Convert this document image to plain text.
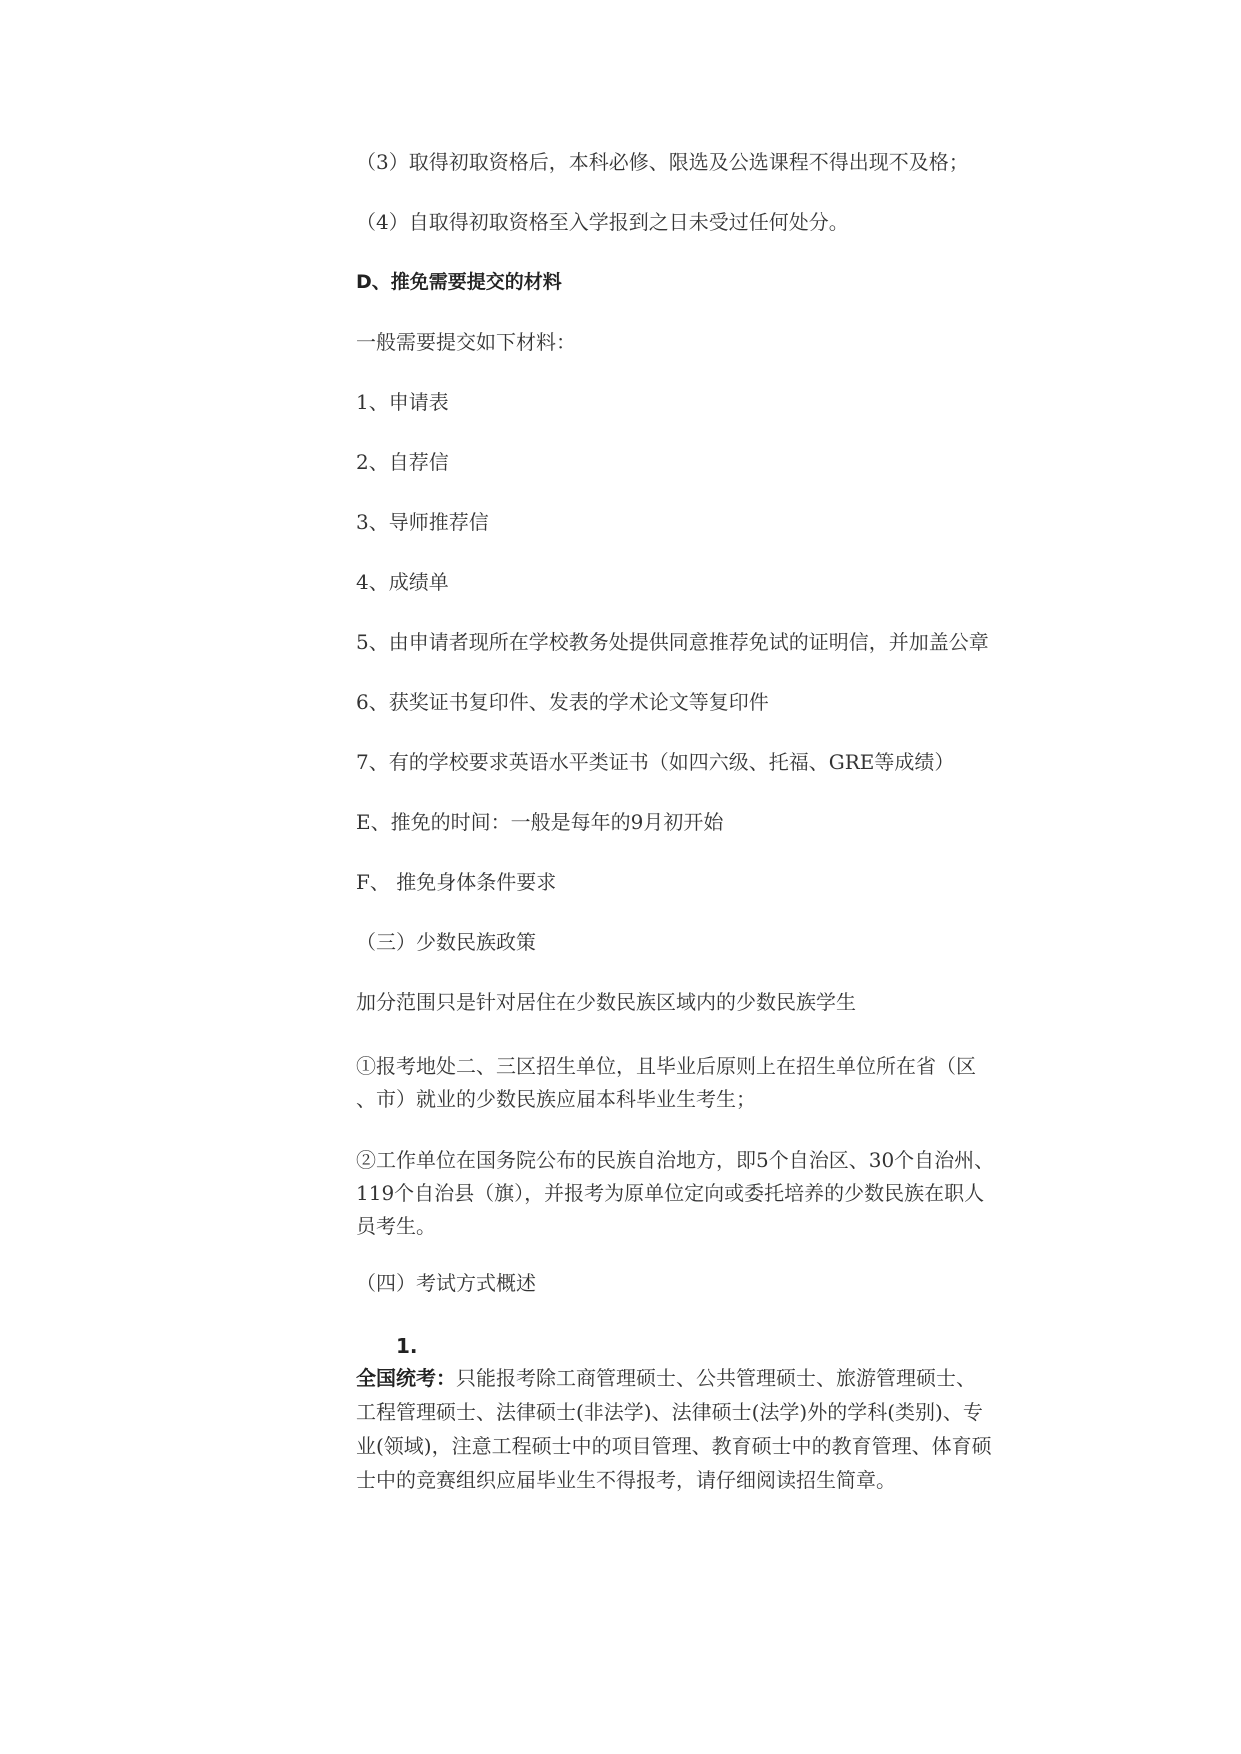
（3）取得初取资格后，本科必修、限选及公选课程不得出现不及格；

（4）自取得初取资格至入学报到之日未受过任何处分。

D、推免需要提交的材料

一般需要提交如下材料：

1、申请表

2、自荐信

3、导师推荐信

4、成绩单

5、由申请者现所在学校教务处提供同意推荐免试的证明信，并加盖公章

6、获奖证书复印件、发表的学术论文等复印件

7、有的学校要求英语水平类证书（如四六级、托福、GRE等成绩）

E、推免的时间：一般是每年的9月初开始

F、 推免身体条件要求

（三）少数民族政策

加分范围只是针对居住在少数民族区域内的少数民族学生

①报考地处二、三区招生单位，且毕业后原则上在招生单位所在省（区
、市）就业的少数民族应届本科毕业生考生；
②工作单位在国务院公布的民族自治地方，即5个自治区、30个自治州、
119个自治县（旗），并报考为原单位定向或委托培养的少数民族在职人
员考生。

（四）考试方式概述

1.
全国统考：只能报考除工商管理硕士、公共管理硕士、旅游管理硕士、
工程管理硕士、法律硕士(非法学)、法律硕士(法学)外的学科(类别)、专
业(领域)，注意工程硕士中的项目管理、教育硕士中的教育管理、体育硕
士中的竞赛组织应届毕业生不得报考，请仔细阅读招生简章。
